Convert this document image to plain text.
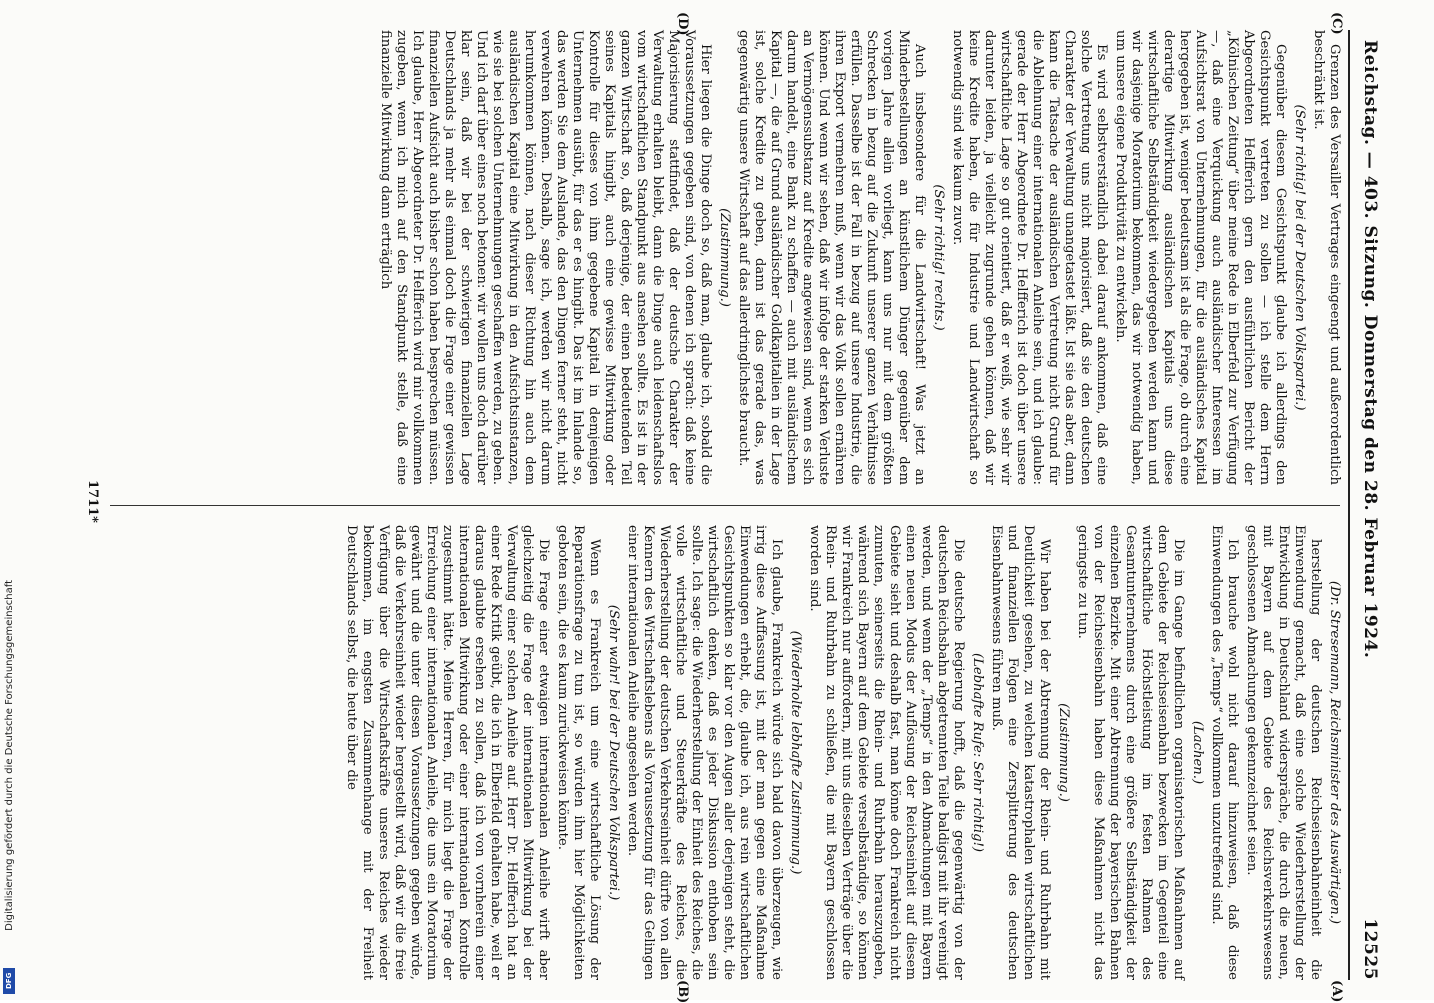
Reichstag. — 403. Sitzung. Donnerstag den 28. Februar 1924.
12525

(Dr. Stresemann, Reichsminister des Auswärtigen.)

herstellung der deutschen Reichseisenbahneinheit die Einwendung gemacht, daß eine solche Wiederherstellung der Entwicklung in Deutschland widerspräche, die durch die neuen, mit Bayern auf dem Gebiete des Reichsverkehrswesens geschlossenen Abmachungen gekennzeichnet seien.

Ich brauche wohl nicht darauf hinzuweisen, daß diese Einwendungen des „Temps“ vollkommen unzutreffend sind.

(Lachen.)

Die im Gange befindlichen organisatorischen Maßnahmen auf dem Gebiete der Reichseisenbahn bezwecken im Gegenteil eine wirtschaftliche Höchstleistung im festen Rahmen des Gesamtunternehmens durch eine größere Selbständigkeit der einzelnen Bezirke. Mit einer Abtrennung der bayerischen Bahnen von der Reichseisenbahn haben diese Maßnahmen nicht das geringste zu tun.

(Zustimmung.)

Wir haben bei der Abtrennung der Rhein- und Ruhrbahn mit Deutlichkeit gesehen, zu welchen katastrophalen wirtschaftlichen und finanziellen Folgen eine Zersplitterung des deutschen Eisenbahnwesens führen muß.

(Lebhafte Rufe: Sehr richtig!)

Die deutsche Regierung hofft, daß die gegenwärtig von der deutschen Reichsbahn abgetrennten Teile baldigst mit ihr vereinigt werden, und wenn der „Temps“ in den Abmachungen mit Bayern einen neuen Modus der Auflösung der Reichseinheit auf diesem Gebiete sieht und deshalb fast, man könne doch Frankreich nicht zumuten, seinerseits die Rhein- und Ruhrbahn herauszugeben, während sich Bayern auf dem Gebiete verselbständige, so können wir Frankreich nur auffordern, mit uns dieselben Verträge über die Rhein- und Ruhrbahn zu schließen, die mit Bayern geschlossen worden sind.

(Wiederholte lebhafte Zustimmung.)

Ich glaube, Frankreich würde sich bald davon überzeugen, wie irrig diese Auffassung ist, mit der man gegen eine Maßnahme Einwendungen erhebt, die, glaube ich, aus rein wirtschaftlichen Gesichtspunkten so klar vor den Augen aller derjenigen steht, die wirtschaftlich denken, daß es jeder Diskussion enthoben sein sollte. Ich sage: die Wiederherstellung der Einheit des Reiches, die volle wirtschaftliche und Steuerkräfte des Reiches, die Wiederherstellung der deutschen Verkehrseinheit dürfte von allen Kennern des Wirtschaftslebens als Voraussetzung für das Gelingen einer internationalen Anleihe angesehen werden.

(Sehr wahr! bei der Deutschen Volkspartei.)

Wenn es Frankreich um eine wirtschaftliche Lösung der Reparationsfrage zu tun ist, so würden ihm hier Möglichkeiten geboten sein, die es kaum zurückweisen könnte.

Die Frage einer etwaigen internationalen Anleihe wirft aber gleichzeitig die Frage der internationalen Mitwirkung bei der Verwaltung einer solchen Anleihe auf. Herr Dr. Helfferich hat an einer Rede Kritik geübt, die ich in Elberfeld gehalten habe, weil er daraus glaubte ersehen zu sollen, daß ich von vornherein einer internationalen Mitwirkung oder einer internationalen Kontrolle zugestimmt hätte. Meine Herren, für mich liegt die Frage der Erreichung einer internationalen Anleihe, die uns ein Moratorium gewährt und die unter diesen Voraussetzungen gegeben würde, daß die Verkehrseinheit wieder hergestellt wird, daß wir die freie Verfügung über die Wirtschaftskräfte unseres Reiches wieder bekommen, im engsten Zusammenhange mit der Freiheit Deutschlands selbst, die heute über die

Grenzen des Versailler Vertrages eingeengt und außerordentlich beschränkt ist.

(Sehr richtig! bei der Deutschen Volkspartei.)

Gegenüber diesem Gesichtspunkt glaube ich allerdings den Gesichtspunkt vertreten zu sollen — ich stelle dem Herrn Abgeordneten Helfferich gern den ausführlichen Bericht der „Kölnischen Zeitung“ über meine Rede in Elberfeld zur Verfügung —, daß eine Verquickung auch ausländischer Interessen im Aufsichtsrat von Unternehmungen, für die ausländisches Kapital hergegeben ist, weniger bedeutsam ist als die Frage, ob durch eine derartige Mitwirkung ausländischen Kapitals uns diese wirtschaftliche Selbständigkeit wiedergegeben werden kann und wir dasjenige Moratorium bekommen, das wir notwendig haben, um unsere eigene Produktivität zu entwickeln.

Es wird selbstverständlich dabei darauf ankommen, daß eine solche Vertretung uns nicht majorisiert, daß sie den deutschen Charakter der Verwaltung unangetastet läßt. Ist sie das aber, dann kann die Tatsache der ausländischen Vertretung nicht Grund für die Ablehnung einer internationalen Anleihe sein, und ich glaube: gerade der Herr Abgeordnete Dr. Helfferich ist doch über unsere wirtschaftliche Lage so gut orientiert, daß er weiß, wie sehr wir darunter leiden, ja vielleicht zugrunde gehen können, daß wir keine Kredite haben, die für Industrie und Landwirtschaft so notwendig sind wie kaum zuvor.

(Sehr richtig! rechts.)

Auch insbesondere für die Landwirtschaft! Was jetzt an Minderbestellungen an künstlichem Dünger gegenüber dem vorigen Jahre allein vorliegt, kann uns nur mit dem größten Schrecken in bezug auf die Zukunft unserer ganzen Verhältnisse erfüllen. Dasselbe ist der Fall in bezug auf unsere Industrie, die ihren Export vermehren muß, wenn wir das Volk sollen ernähren können. Und wenn wir sehen, daß wir infolge der starken Verluste an Vermögenssubstanz auf Kredite angewiesen sind, wenn es sich darum handelt, eine Bank zu schaffen — auch mit ausländischem Kapital —, die auf Grund ausländischer Goldkapitalien in der Lage ist, solche Kredite zu geben, dann ist das gerade das, was gegenwärtig unsere Wirtschaft auf das allerdringlichste braucht.

(Zustimmung.)

Hier liegen die Dinge doch so, daß man, glaube ich, sobald die Voraussetzungen gegeben sind, von denen ich sprach: daß keine Majorisierung stattfindet, daß der deutsche Charakter der Verwaltung erhalten bleibt, dann die Dinge auch leidenschaftslos vom wirtschaftlichen Standpunkt aus ansehen sollte. Es ist in der ganzen Wirtschaft so, daß derjenige, der einen bedeutenden Teil seines Kapitals hingibt, auch eine gewisse Mitwirkung oder Kontrolle für dieses von ihm gegebene Kapital in demjenigen Unternehmen ausübt, für das er es hingibt. Das ist im Inlande so, das werden Sie dem Auslande, das den Dingen ferner steht, nicht verwehren können. Deshalb, sage ich, werden wir nicht darum herumkommen können, nach dieser Richtung hin auch dem ausländischen Kapital eine Mitwirkung in den Aufsichtsinstanzen, wie sie bei solchen Unternehmungen geschaffen werden, zu geben. Und ich darf über eines noch betonen: wir wollen uns doch darüber klar sein, daß wir bei der schwierigen finanziellen Lage Deutschlands ja mehr als einmal doch die Frage einer gewissen finanziellen Aufsicht auch bisher schon haben besprechen müssen. Ich glaube, Herr Abgeordneter Dr. Helfferich wird mir vollkommen zugeben, wenn ich mich auf den Standpunkt stelle, daß eine finanzielle Mitwirkung dann erträglich

(A)
(B)
(C)
(D)
1711*
Digitalisierung gefördert durch die Deutsche Forschungsgemeinschaft
DFG
